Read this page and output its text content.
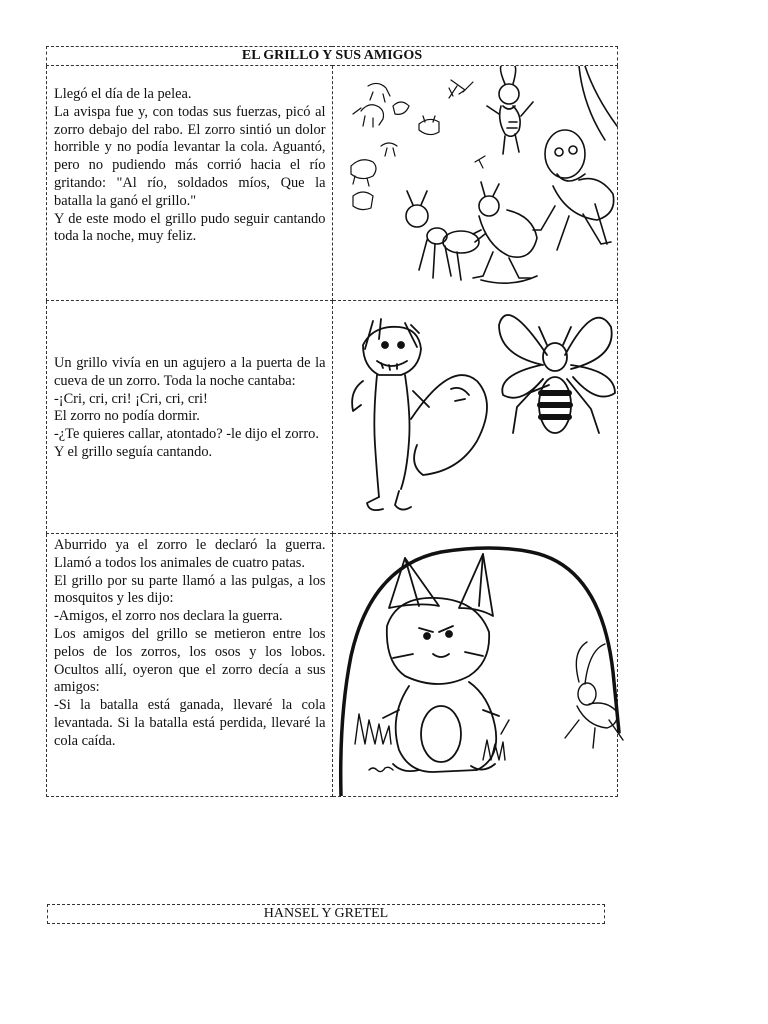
EL GRILLO Y SUS AMIGOS	

Llegó el día de la pelea.

La avispa fue y, con todas sus fuerzas, picó al zorro debajo del rabo. El zorro sintió un dolor horrible y no podía levantar la cola. Aguantó, pero no pudiendo más corrió hacia el río gritando: "Al río, soldados míos, Que la batalla la ganó el grillo."

Y de este modo el grillo pudo seguir cantando toda la noche, muy feliz.

Un grillo vivía en un agujero a la puerta de la cueva de un zorro. Toda la noche cantaba:

-¡Cri, cri, cri! ¡Cri, cri, cri!

El zorro no podía dormir.

-¿Te quieres callar, atontado? -le dijo el zorro.

Y el grillo seguía cantando.

Aburrido ya el zorro le declaró la guerra. Llamó a todos los animales de cuatro patas.

El grillo por su parte llamó a las pulgas, a los mosquitos y les dijo:

-Amigos, el zorro nos declara la guerra.

Los amigos del grillo se metieron entre los pelos de los zorros, los osos y los lobos. Ocultos allí, oyeron que el zorro decía a sus amigos:

-Si la batalla está ganada, llevaré la cola levantada. Si la batalla está perdida, llevaré la cola caída.

HANSEL Y GRETEL
